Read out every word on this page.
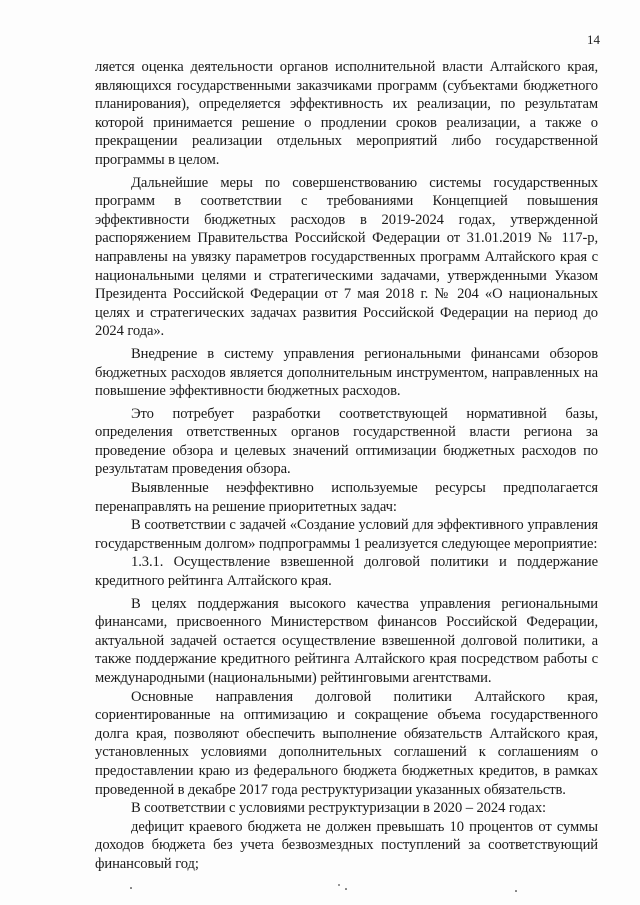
14

ляется оценка деятельности органов исполнительной власти Алтайского края, являющихся государственными заказчиками программ (субъектами бюджетного планирования), определяется эффективность их реализации, по результатам которой принимается решение о продлении сроков реализации, а также о прекращении реализации отдельных мероприятий либо государственной программы в целом.

Дальнейшие меры по совершенствованию системы государственных программ в соответствии с требованиями Концепцией повышения эффективности бюджетных расходов в 2019-2024 годах, утвержденной распоряжением Правительства Российской Федерации от 31.01.2019 № 117-р, направлены на увязку параметров государственных программ Алтайского края с национальными целями и стратегическими задачами, утвержденными Указом Президента Российской Федерации от 7 мая 2018 г. № 204 «О национальных целях и стратегических задачах развития Российской Федерации на период до 2024 года».

Внедрение в систему управления региональными финансами обзоров бюджетных расходов является дополнительным инструментом, направленных на повышение эффективности бюджетных расходов.

Это потребует разработки соответствующей нормативной базы, определения ответственных органов государственной власти региона за проведение обзора и целевых значений оптимизации бюджетных расходов по результатам проведения обзора.

Выявленные неэффективно используемые ресурсы предполагается перенаправлять на решение приоритетных задач:

В соответствии с задачей «Создание условий для эффективного управления государственным долгом» подпрограммы 1 реализуется следующее мероприятие:

1.3.1. Осуществление взвешенной долговой политики и поддержание кредитного рейтинга Алтайского края.

В целях поддержания высокого качества управления региональными финансами, присвоенного Министерством финансов Российской Федерации, актуальной задачей остается осуществление взвешенной долговой политики, а также поддержание кредитного рейтинга Алтайского края посредством работы с международными (национальными) рейтинговыми агентствами.

Основные направления долговой политики Алтайского края, сориентированные на оптимизацию и сокращение объема государственного долга края, позволяют обеспечить выполнение обязательств Алтайского края, установленных условиями дополнительных соглашений к соглашениям о предоставлении краю из федерального бюджета бюджетных кредитов, в рамках проведенной в декабре 2017 года реструктуризации указанных обязательств.

В соответствии с условиями реструктуризации в 2020 – 2024 годах:

дефицит краевого бюджета не должен превышать 10 процентов от суммы доходов бюджета без учета безвозмездных поступлений за соответствующий финансовый год;
